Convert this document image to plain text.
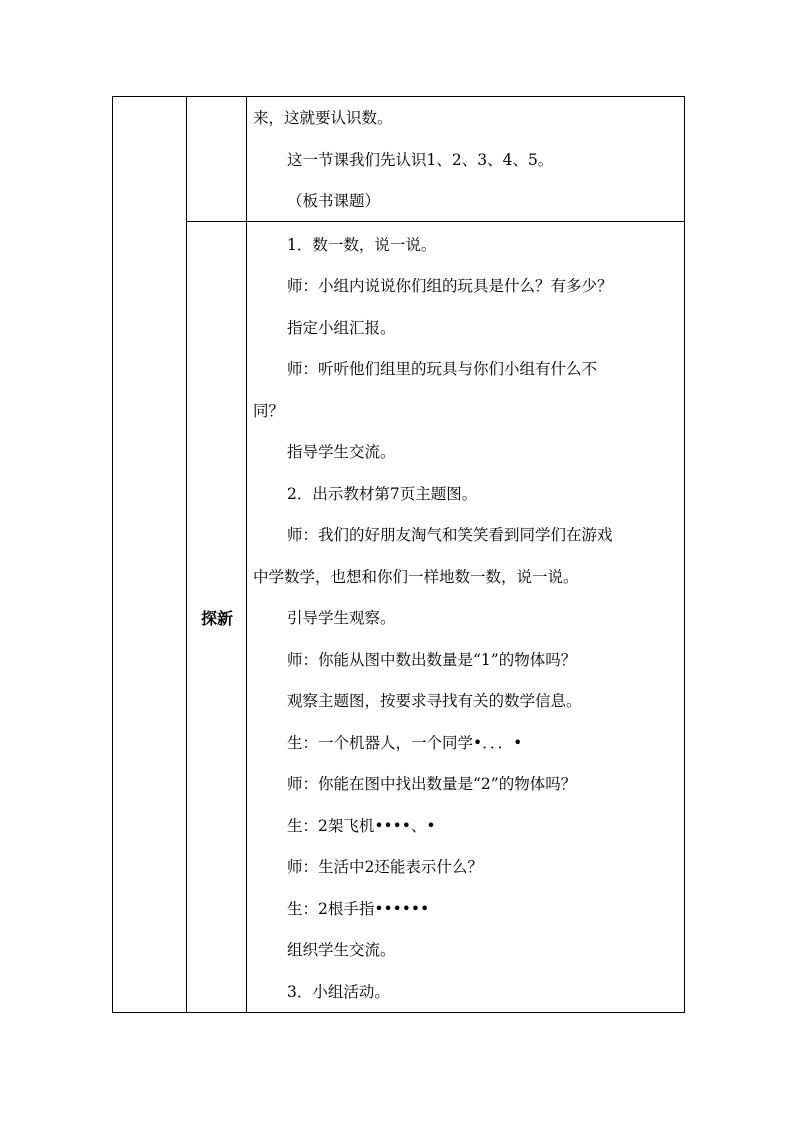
来，这就要认识数。
这一节课我们先认识1、2、3、4、5。
（板书课题）
探新
1．数一数，说一说。
师：小组内说说你们组的玩具是什么？有多少？
指定小组汇报。
师：听听他们组里的玩具与你们小组有什么不
同？
指导学生交流。
2．出示教材第7页主题图。
师：我们的好朋友淘气和笑笑看到同学们在游戏
中学数学，也想和你们一样地数一数，说一说。
引导学生观察。
师：你能从图中数出数量是“1”的物体吗？
观察主题图，按要求寻找有关的数学信息。
生：一个机器人，一个同学•．．．•
师：你能在图中找出数量是“2”的物体吗？
生：2架飞机••••、•
师：生活中2还能表示什么？
生：2根手指••••••
组织学生交流。
3．小组活动。
